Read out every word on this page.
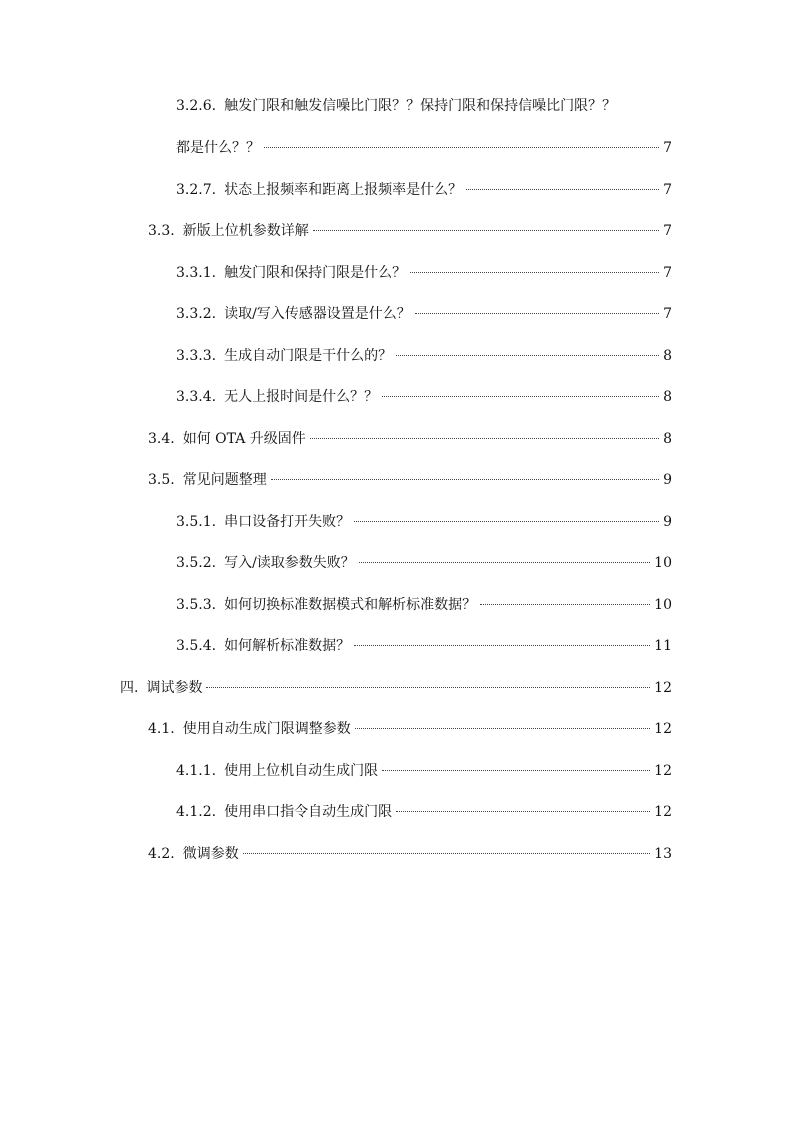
3.2.6. 触发门限和触发信噪比门限？？保持门限和保持信噪比门限？？
都是什么？？	7
3.2.7. 状态上报频率和距离上报频率是什么？	7
3.3. 新版上位机参数详解	7
3.3.1. 触发门限和保持门限是什么？	7
3.3.2. 读取/写入传感器设置是什么？	7
3.3.3. 生成自动门限是干什么的？	8
3.3.4. 无人上报时间是什么？？	8
3.4. 如何 OTA 升级固件	8
3.5. 常见问题整理	9
3.5.1. 串口设备打开失败？	9
3.5.2. 写入/读取参数失败？	10
3.5.3. 如何切换标准数据模式和解析标准数据？	10
3.5.4. 如何解析标准数据？	11
四. 调试参数	12
4.1. 使用自动生成门限调整参数	12
4.1.1. 使用上位机自动生成门限	12
4.1.2. 使用串口指令自动生成门限	12
4.2. 微调参数	13
